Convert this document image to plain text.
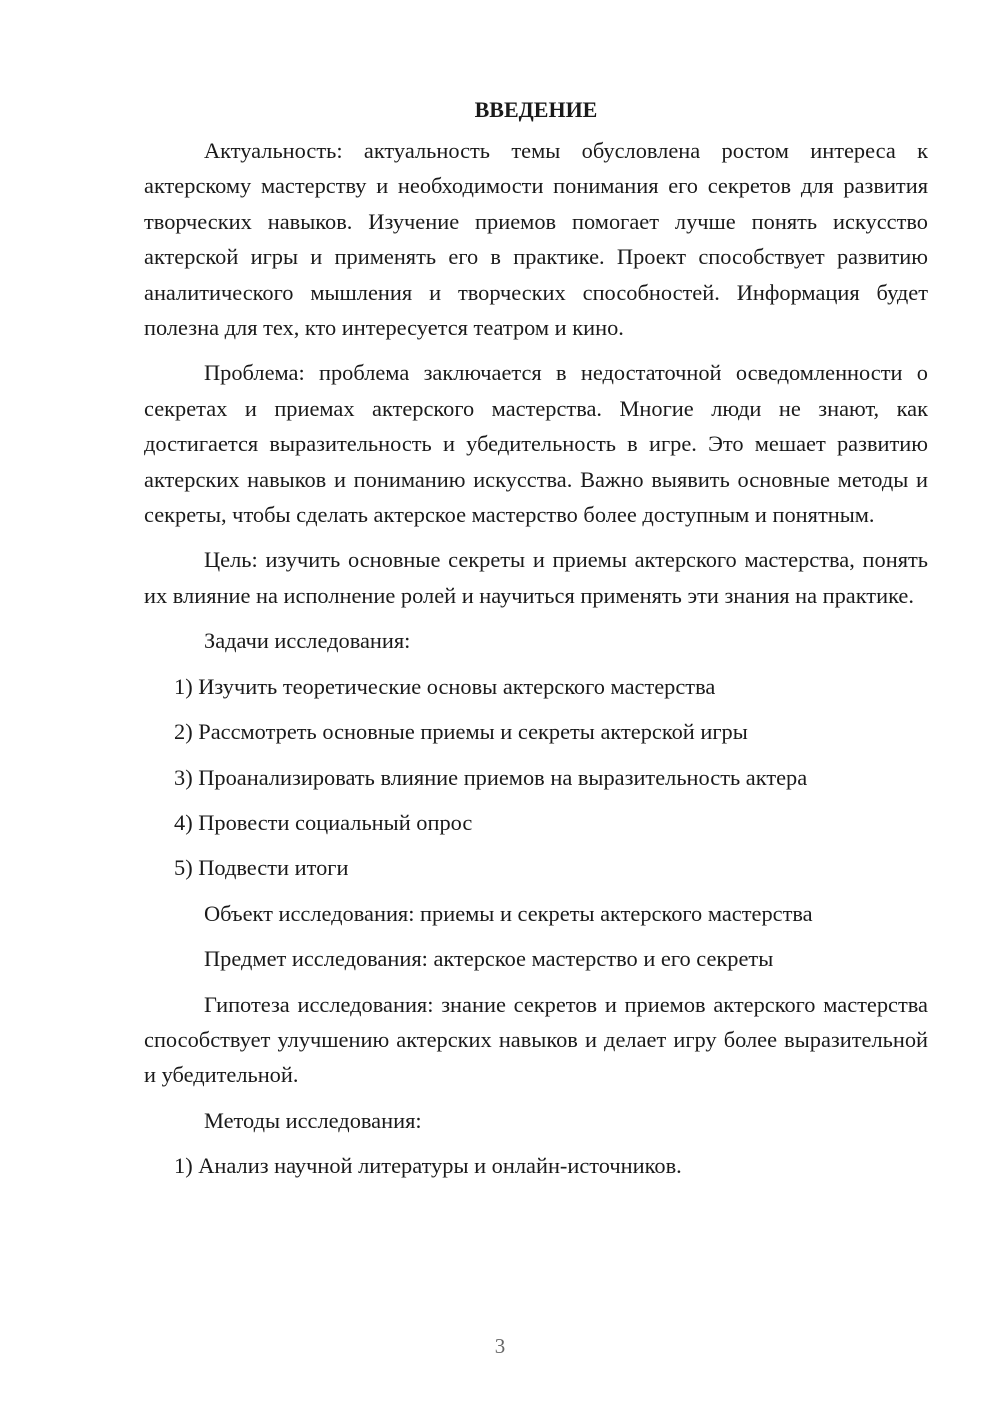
ВВЕДЕНИЕ

Актуальность: актуальность темы обусловлена ростом интереса к актерскому мастерству и необходимости понимания его секретов для развития творческих навыков. Изучение приемов помогает лучше понять искусство актерской игры и применять его в практике. Проект способствует развитию аналитического мышления и творческих способностей. Информация будет полезна для тех, кто интересуется театром и кино.

Проблема: проблема заключается в недостаточной осведомленности о секретах и приемах актерского мастерства. Многие люди не знают, как достигается выразительность и убедительность в игре. Это мешает развитию актерских навыков и пониманию искусства. Важно выявить основные методы и секреты, чтобы сделать актерское мастерство более доступным и понятным.

Цель: изучить основные секреты и приемы актерского мастерства, понять их влияние на исполнение ролей и научиться применять эти знания на практике.

Задачи исследования:
1) Изучить теоретические основы актерского мастерства
2) Рассмотреть основные приемы и секреты актерской игры
3) Проанализировать влияние приемов на выразительность актера
4) Провести социальный опрос
5) Подвести итоги
Объект исследования: приемы и секреты актерского мастерства
Предмет исследования: актерское мастерство и его секреты

Гипотеза исследования: знание секретов и приемов актерского мастерства способствует улучшению актерских навыков и делает игру более выразительной и убедительной.

Методы исследования:
1) Анализ научной литературы и онлайн-источников.
3
